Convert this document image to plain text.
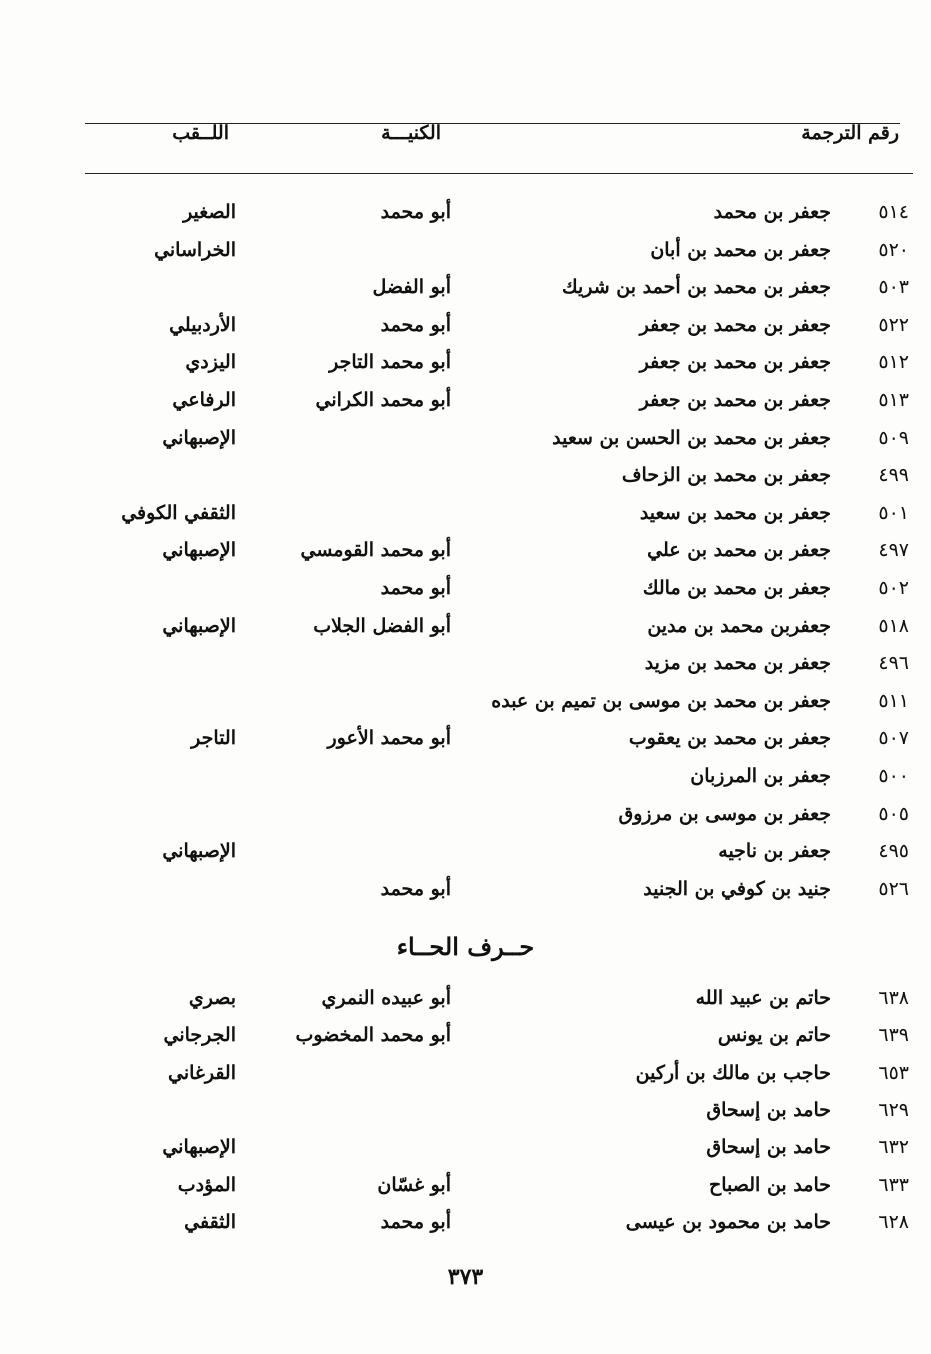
رقم الترجمة
الكنيـــة
اللــقب
٥١٤
جعفر بن محمد
أبو محمد
الصغير
٥٢٠
جعفر بن محمد بن أبان
الخراساني
٥٠٣
جعفر بن محمد بن أحمد بن شريك
أبو الفضل
٥٢٢
جعفر بن محمد بن جعفر
أبو محمد
الأردبيلي
٥١٢
جعفر بن محمد بن جعفر
أبو محمد التاجر
اليزدي
٥١٣
جعفر بن محمد بن جعفر
أبو محمد الكراني
الرفاعي
٥٠٩
جعفر بن محمد بن الحسن بن سعيد
الإصبهاني
٤٩٩
جعفر بن محمد بن الزحاف
٥٠١
جعفر بن محمد بن سعيد
الثقفي الكوفي
٤٩٧
جعفر بن محمد بن علي
أبو محمد القومسي
الإصبهاني
٥٠٢
جعفر بن محمد بن مالك
أبو محمد
٥١٨
جعفربن محمد بن مدين
أبو الفضل الجلاب
الإصبهاني
٤٩٦
جعفر بن محمد بن مزيد
٥١١
جعفر بن محمد بن موسى بن تميم بن عبده
٥٠٧
جعفر بن محمد بن يعقوب
أبو محمد الأعور
التاجر
٥٠٠
جعفر بن المرزبان
٥٠٥
جعفر بن موسى بن مرزوق
٤٩٥
جعفر بن ناجيه
الإصبهاني
٥٢٦
جنيد بن كوفي بن الجنيد
أبو محمد
حــرف الحــاء
٦٣٨
حاتم بن عبيد الله
أبو عبيده النمري
بصري
٦٣٩
حاتم بن يونس
أبو محمد المخضوب
الجرجاني
٦٥٣
حاجب بن مالك بن أركين
القرغاني
٦٢٩
حامد بن إسحاق
٦٣٢
حامد بن إسحاق
الإصبهاني
٦٣٣
حامد بن الصباح
أبو غسّان
المؤدب
٦٢٨
حامد بن محمود بن عيسى
أبو محمد
الثقفي
٣٧٣
